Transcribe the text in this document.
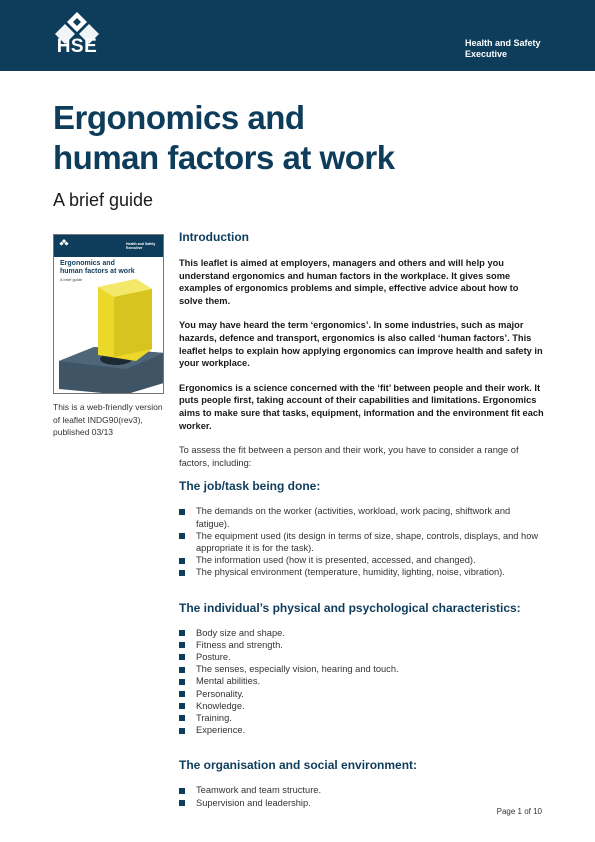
HSE	Health and Safety
Executive
Ergonomics and
human factors at work
A brief guide
Health and Safety Executive
Ergonomics and
human factors at work
A brief guide
This is a web-friendly version of leaflet INDG90(rev3), published 03/13
Introduction

This leaflet is aimed at employers, managers and others and will help you understand ergonomics and human factors in the workplace. It gives some examples of ergonomics problems and simple, effective advice about how to solve them.

You may have heard the term ‘ergonomics’. In some industries, such as major hazards, defence and transport, ergonomics is also called ‘human factors’. This leaflet helps to explain how applying ergonomics can improve health and safety in your workplace.

Ergonomics is a science concerned with the ‘fit’ between people and their work. It puts people first, taking account of their capabilities and limitations. Ergonomics aims to make sure that tasks, equipment, information and the environment fit each worker.

To assess the fit between a person and their work, you have to consider a range of factors, including:

The job/task being done:
The demands on the worker (activities, workload, work pacing, shiftwork and fatigue).
The equipment used (its design in terms of size, shape, controls, displays, and how appropriate it is for the task).
The information used (how it is presented, accessed, and changed).
The physical environment (temperature, humidity, lighting, noise, vibration).
The individual’s physical and psychological characteristics:
Body size and shape.
Fitness and strength.
Posture.
The senses, especially vision, hearing and touch.
Mental abilities.
Personality.
Knowledge.
Training.
Experience.
The organisation and social environment:
Teamwork and team structure.
Supervision and leadership.
Page 1 of 10
